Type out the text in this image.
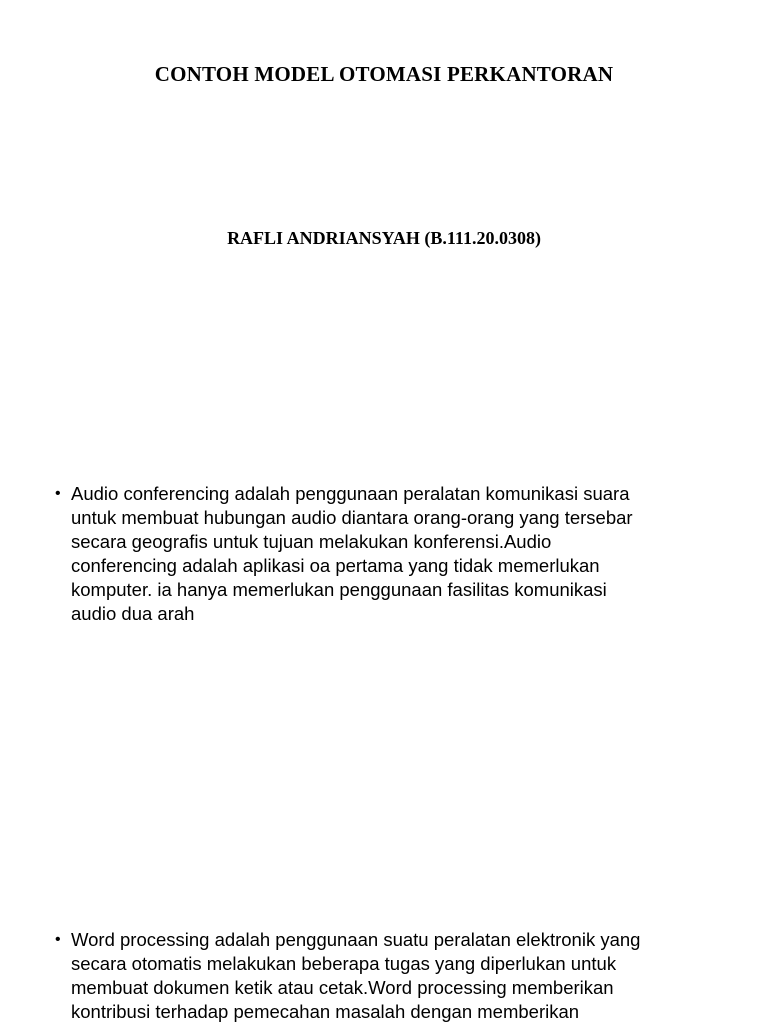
CONTOH MODEL OTOMASI PERKANTORAN
RAFLI ANDRIANSYAH (B.111.20.0308)
• Audio conferencing adalah penggunaan peralatan komunikasi suara
untuk membuat hubungan audio diantara orang-orang yang tersebar
secara geografis untuk tujuan melakukan konferensi.Audio
conferencing adalah aplikasi oa pertama yang tidak memerlukan
komputer. ia hanya memerlukan penggunaan fasilitas komunikasi
audio dua arah
• Word processing adalah penggunaan suatu peralatan elektronik yang
secara otomatis melakukan beberapa tugas yang diperlukan untuk
membuat dokumen ketik atau cetak.Word processing memberikan
kontribusi terhadap pemecahan masalah dengan memberikan
